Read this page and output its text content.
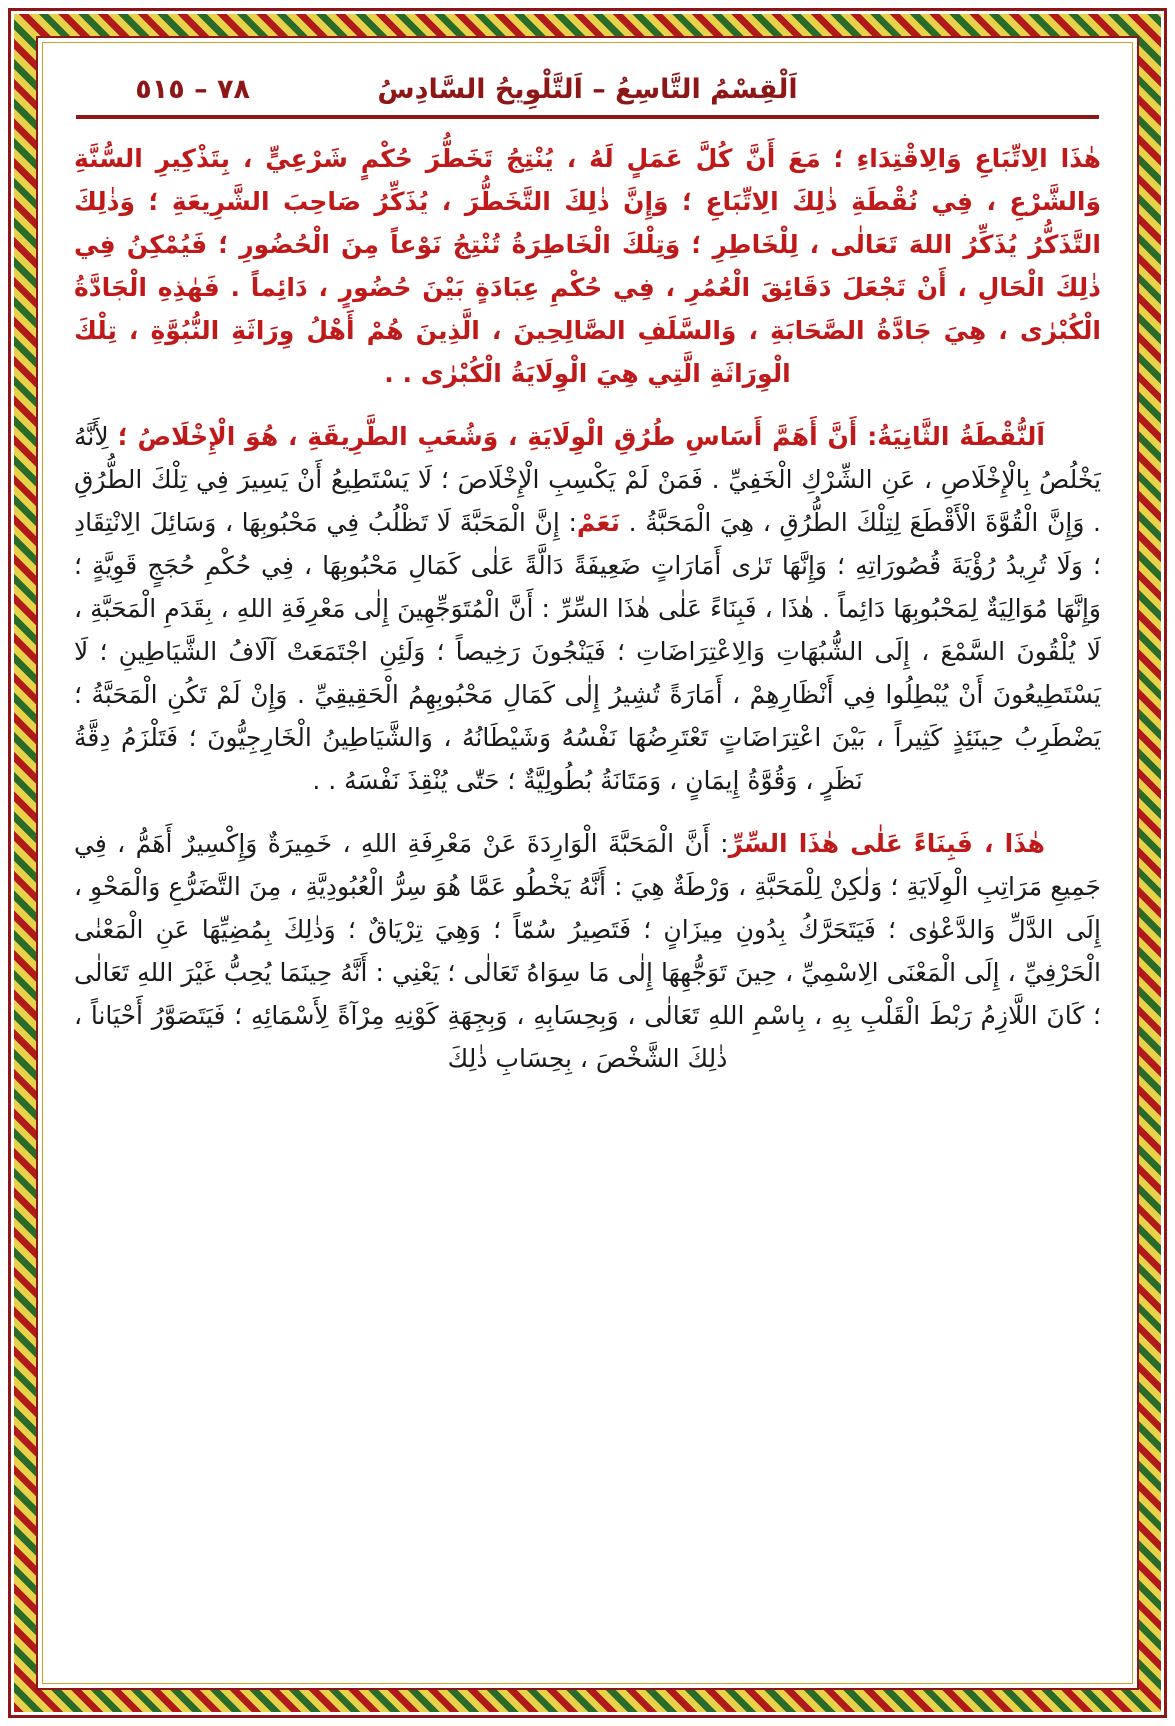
٧٨ – ٥١٥	اَلْقِسْمُ التَّاسِعُ – اَلتَّلْوِيحُ السَّادِسُ

هٰذَا الِاتِّبَاعِ وَالِاقْتِدَاءِ ؛ مَعَ أَنَّ كُلَّ عَمَلٍ لَهُ ، يُنْتِجُ تَخَطُّرَ حُكْمٍ شَرْعِيٍّ ، بِتَذْكِيرِ السُّنَّةِ وَالشَّرْعِ ، فِي نُقْطَةِ ذٰلِكَ الِاتِّبَاعِ ؛ وَإِنَّ ذٰلِكَ التَّخَطُّرَ ، يُذَكِّرُ صَاحِبَ الشَّرِيعَةِ ؛ وَذٰلِكَ التَّذَكُّرُ يُذَكِّرُ اللهَ تَعَالٰى ، لِلْخَاطِرِ ؛ وَتِلْكَ الْخَاطِرَةُ تُنْتِجُ نَوْعاً مِنَ الْحُضُورِ ؛ فَيُمْكِنُ فِي ذٰلِكَ الْحَالِ ، أَنْ تَجْعَلَ دَقَائِقَ الْعُمُرِ ، فِي حُكْمِ عِبَادَةٍ بَيْنَ حُضُورٍ ، دَائِماً . فَهٰذِهِ الْجَادَّةُ الْكُبْرٰى ، هِيَ جَادَّةُ الصَّحَابَةِ ، وَالسَّلَفِ الصَّالِحِينَ ، الَّذِينَ هُمْ أَهْلُ وِرَاثَةِ النُّبُوَّةِ ، تِلْكَ الْوِرَاثَةِ الَّتِي هِيَ الْوِلَايَةُ الْكُبْرٰى . .

اَلنُّقْطَةُ الثَّانِيَةُ: أَنَّ أَهَمَّ أَسَاسِ طُرُقِ الْوِلَايَةِ ، وَشُعَبِ الطَّرِيقَةِ ، هُوَ الْإِخْلَاصُ ؛ لِأَنَّهُ يَخْلُصُ بِالْإِخْلَاصِ ، عَنِ الشِّرْكِ الْخَفِيِّ . فَمَنْ لَمْ يَكْسِبِ الْإِخْلَاصَ ؛ لَا يَسْتَطِيعُ أَنْ يَسِيرَ فِي تِلْكَ الطُّرُقِ . وَإِنَّ الْقُوَّةَ الْأَقْطَعَ لِتِلْكَ الطُّرُقِ ، هِيَ الْمَحَبَّةُ . نَعَمْ: إِنَّ الْمَحَبَّةَ لَا تَظْلُبُ فِي مَحْبُوبِهَا ، وَسَائِلَ الِانْتِقَادِ ؛ وَلَا تُرِيدُ رُؤْيَةَ قُصُورَاتِهِ ؛ وَإِنَّهَا تَرٰى أَمَارَاتٍ ضَعِيفَةً دَالَّةً عَلٰى كَمَالِ مَحْبُوبِهَا ، فِي حُكْمِ حُجَجٍ قَوِيَّةٍ ؛ وَإِنَّهَا مُوَالِيَةٌ لِمَحْبُوبِهَا دَائِماً . هٰذَا ، فَبِنَاءً عَلٰى هٰذَا السِّرِّ : أَنَّ الْمُتَوَجِّهِينَ إِلٰى مَعْرِفَةِ اللهِ ، بِقَدَمِ الْمَحَبَّةِ ، لَا يُلْقُونَ السَّمْعَ ، إِلَى الشُّبُهَاتِ وَالِاعْتِرَاضَاتِ ؛ فَيَنْجُونَ رَخِيصاً ؛ وَلَئِنِ اجْتَمَعَتْ آلَافُ الشَّيَاطِينِ ؛ لَا يَسْتَطِيعُونَ أَنْ يُبْطِلُوا فِي أَنْظَارِهِمْ ، أَمَارَةً تُشِيرُ إِلٰى كَمَالِ مَحْبُوبِهِمُ الْحَقِيقِيِّ . وَإِنْ لَمْ تَكُنِ الْمَحَبَّةُ ؛ يَضْطَرِبُ حِينَئِذٍ كَثِيراً ، بَيْنَ اعْتِرَاضَاتٍ تَعْتَرِضُهَا نَفْسُهُ وَشَيْطَانُهُ ، وَالشَّيَاطِينُ الْخَارِجِيُّونَ ؛ فَتَلْزَمُ دِقَّةُ نَظَرٍ ، وَقُوَّةُ إِيمَانٍ ، وَمَتَانَةُ بُطُولِيَّةٌ ؛ حَتّٰى يُنْقِذَ نَفْسَهُ . .

هٰذَا ، فَبِنَاءً عَلٰى هٰذَا السِّرِّ: أَنَّ الْمَحَبَّةَ الْوَارِدَةَ عَنْ مَعْرِفَةِ اللهِ ، خَمِيرَةٌ وَإِكْسِيرٌ أَهَمُّ ، فِي جَمِيعِ مَرَاتِبِ الْوِلَايَةِ ؛ وَلٰكِنْ لِلْمَحَبَّةِ ، وَرْطَةٌ هِيَ : أَنَّهُ يَخْطُو عَمَّا هُوَ سِرُّ الْعُبُودِيَّةِ ، مِنَ التَّضَرُّعِ وَالْمَحْوِ ، إِلَى الدَّلِّ وَالدَّعْوٰى ؛ فَيَتَحَرَّكُ بِدُونِ مِيزَانٍ ؛ فَتَصِيرُ سُمّاً ؛ وَهِيَ تِرْيَاقٌ ؛ وَذٰلِكَ بِمُضِيِّهَا عَنِ الْمَعْنٰى الْحَرْفِيِّ ، إِلَى الْمَعْنَى الِاسْمِيِّ ، حِينَ تَوَجُّهِهَا إِلٰى مَا سِوَاهُ تَعَالٰى ؛ يَعْنِي : أَنَّهُ حِينَمَا يُحِبُّ غَيْرَ اللهِ تَعَالٰى ؛ كَانَ اللَّازِمُ رَبْطَ الْقَلْبِ بِهِ ، بِاسْمِ اللهِ تَعَالٰى ، وَبِحِسَابِهِ ، وَبِجِهَةِ كَوْنِهِ مِرْآةً لِأَسْمَائِهِ ؛ فَيَتَصَوَّرُ أَحْيَاناً ، ذٰلِكَ الشَّخْصَ ، بِحِسَابِ ذٰلِكَ
